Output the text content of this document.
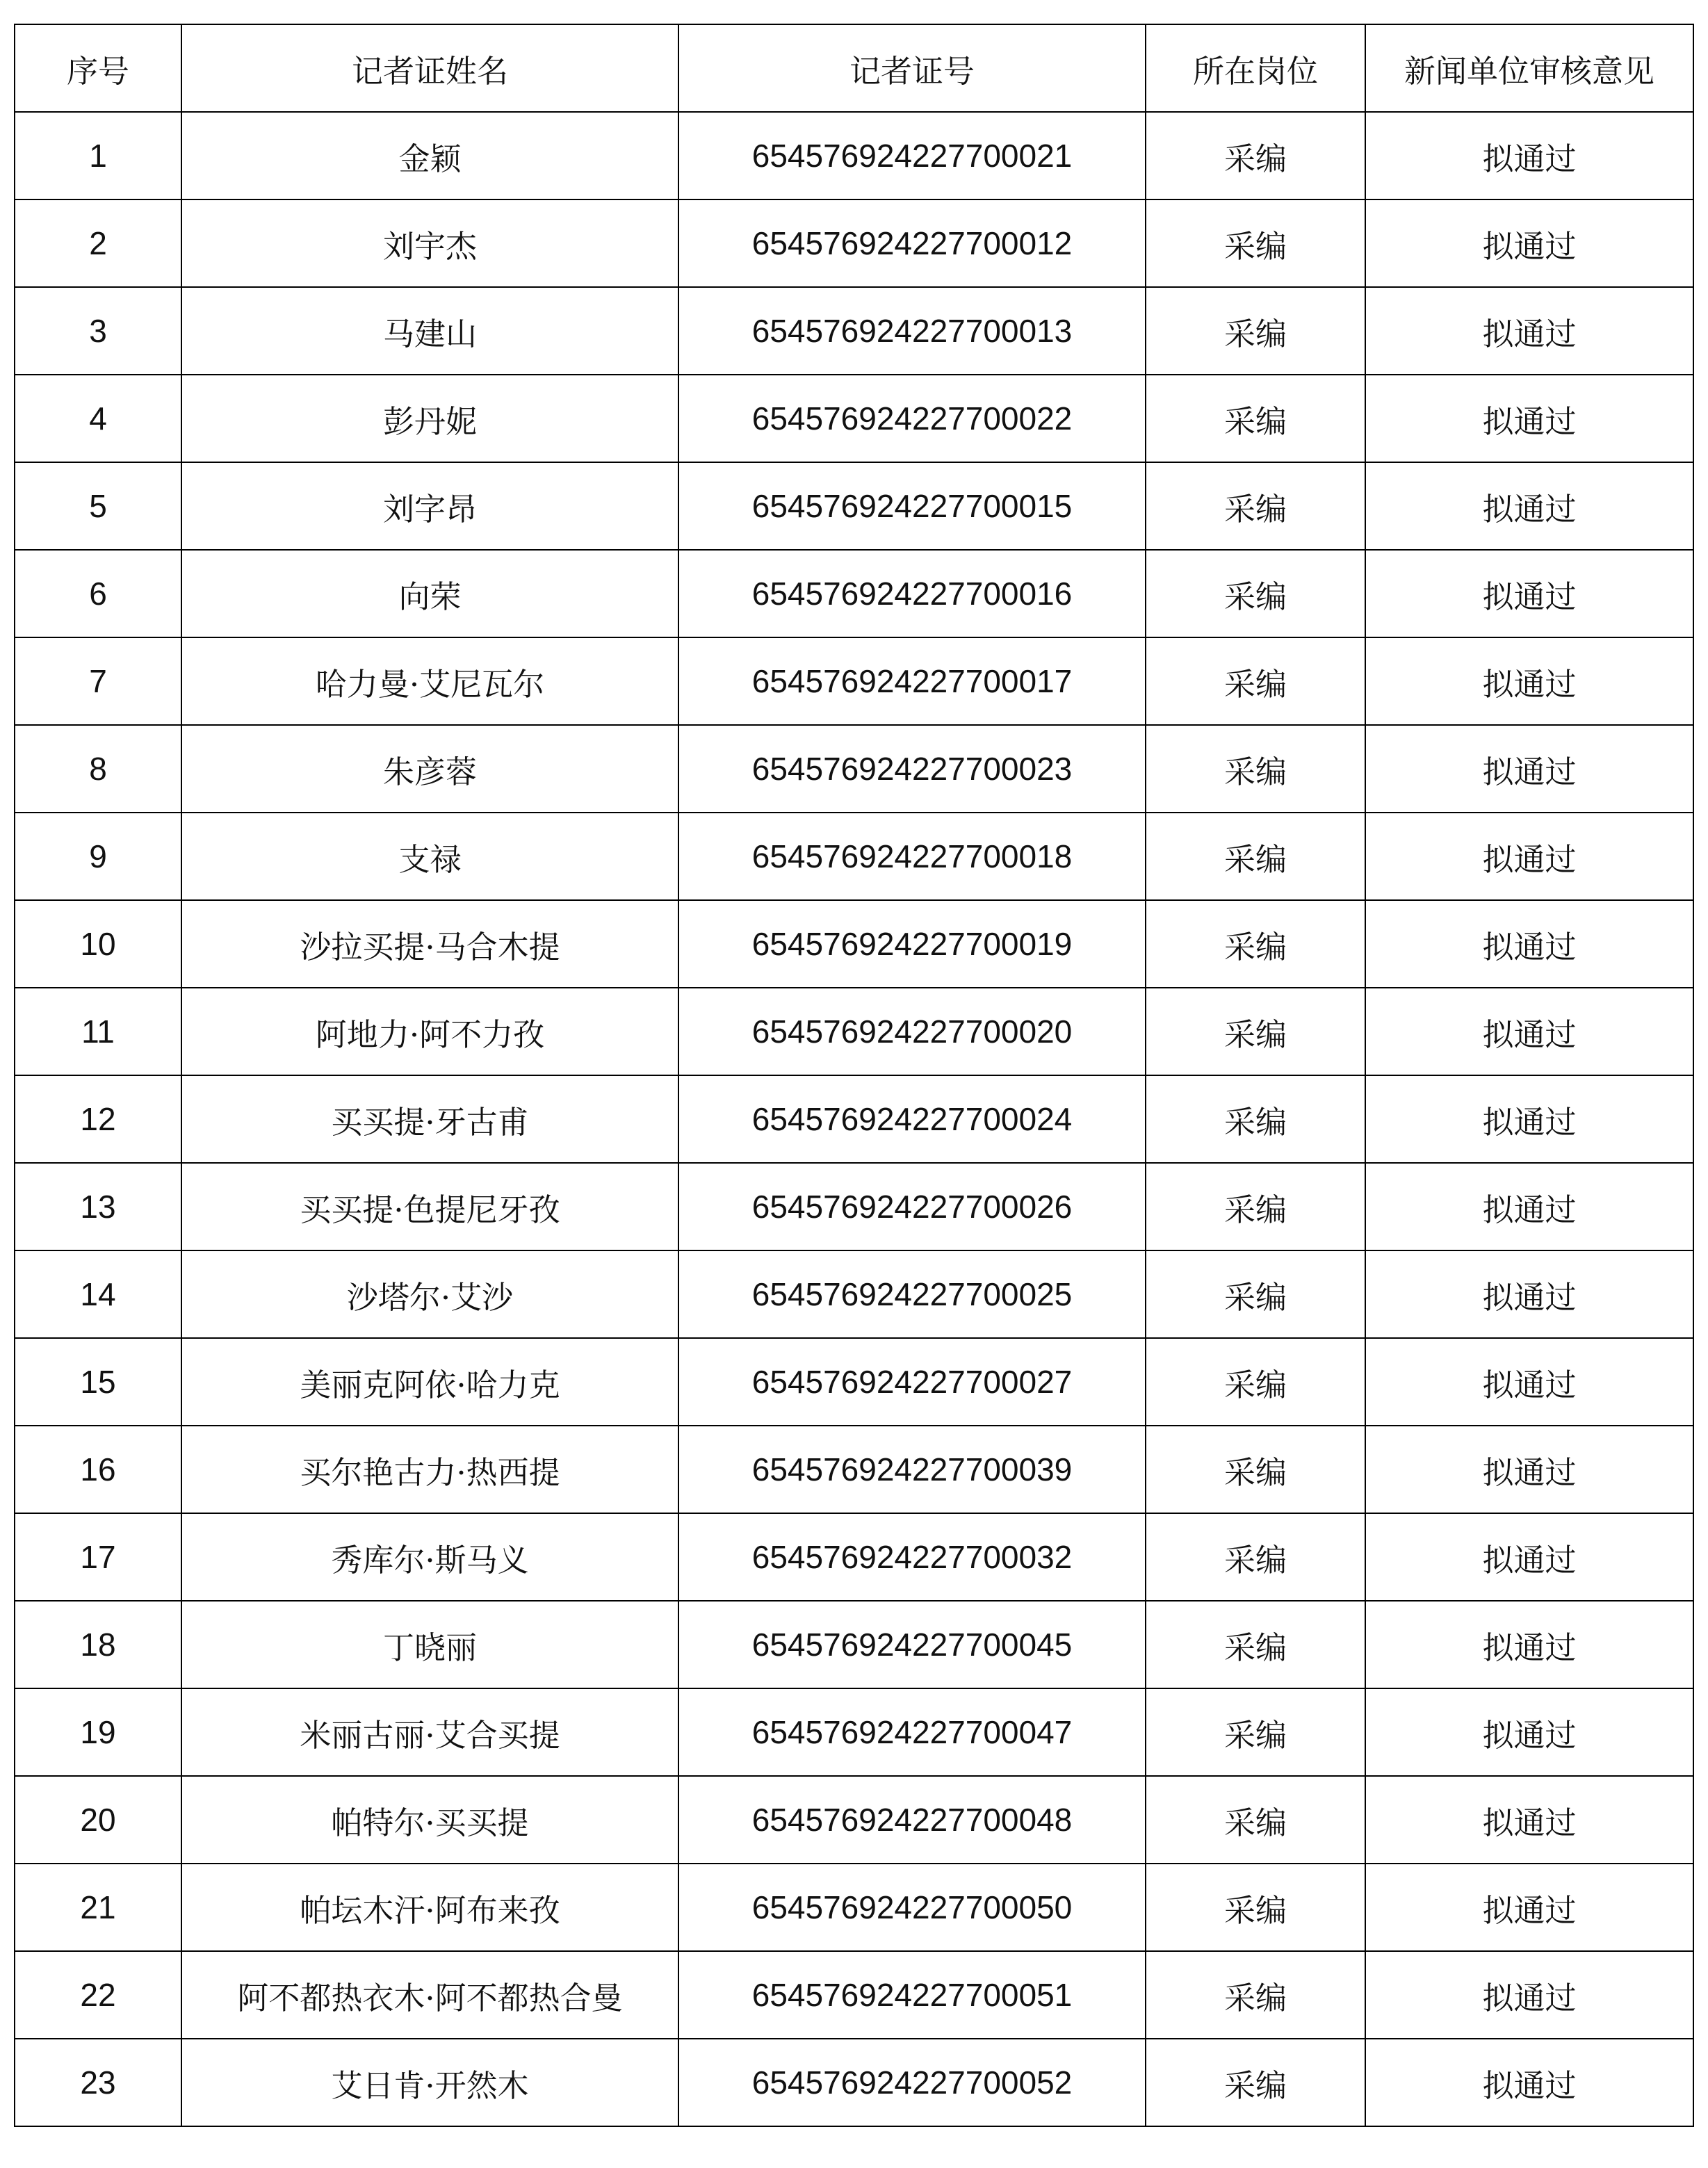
序号	记者证姓名	记者证号	所在岗位	新闻单位审核意见
1	金颖	654576924227700021	采编	拟通过
2	刘宇杰	654576924227700012	采编	拟通过
3	马建山	654576924227700013	采编	拟通过
4	彭丹妮	654576924227700022	采编	拟通过
5	刘字昂	654576924227700015	采编	拟通过
6	向荣	654576924227700016	采编	拟通过
7	哈力曼·艾尼瓦尔	654576924227700017	采编	拟通过
8	朱彦蓉	654576924227700023	采编	拟通过
9	支禄	654576924227700018	采编	拟通过
10	沙拉买提·马合木提	654576924227700019	采编	拟通过
11	阿地力·阿不力孜	654576924227700020	采编	拟通过
12	买买提·牙古甫	654576924227700024	采编	拟通过
13	买买提·色提尼牙孜	654576924227700026	采编	拟通过
14	沙塔尔·艾沙	654576924227700025	采编	拟通过
15	美丽克阿依·哈力克	654576924227700027	采编	拟通过
16	买尔艳古力·热西提	654576924227700039	采编	拟通过
17	秀库尔·斯马义	654576924227700032	采编	拟通过
18	丁晓丽	654576924227700045	采编	拟通过
19	米丽古丽·艾合买提	654576924227700047	采编	拟通过
20	帕特尔·买买提	654576924227700048	采编	拟通过
21	帕坛木汗·阿布来孜	654576924227700050	采编	拟通过
22	阿不都热衣木·阿不都热合曼	654576924227700051	采编	拟通过
23	艾日肯·开然木	654576924227700052	采编	拟通过
